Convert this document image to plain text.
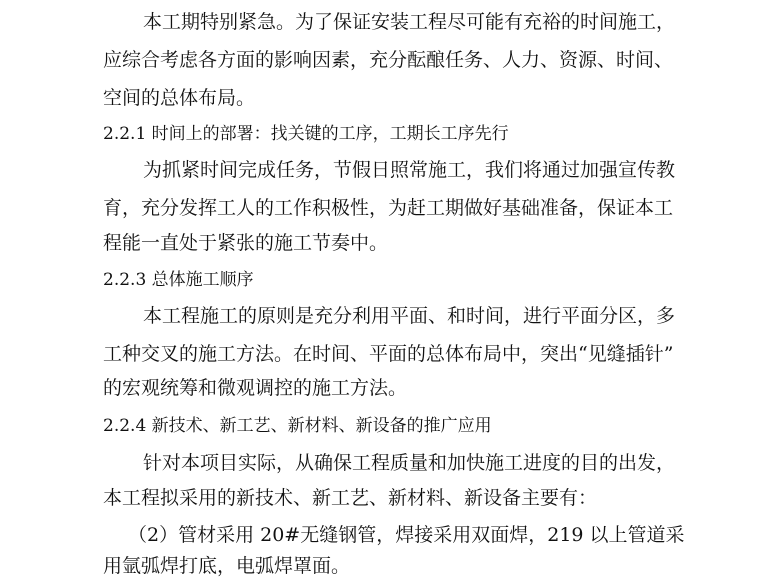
本工期特别紧急。为了保证安装工程尽可能有充裕的时间施工，
应综合考虑各方面的影响因素，充分酝酿任务、人力、资源、时间、
空间的总体布局。
2.2.1 时间上的部署：找关键的工序，工期长工序先行
为抓紧时间完成任务，节假日照常施工，我们将通过加强宣传教
育，充分发挥工人的工作积极性，为赶工期做好基础准备，保证本工
程能一直处于紧张的施工节奏中。
2.2.3 总体施工顺序
本工程施工的原则是充分利用平面、和时间，进行平面分区，多
工种交叉的施工方法。在时间、平面的总体布局中，突出“见缝插针”
的宏观统筹和微观调控的施工方法。
2.2.4 新技术、新工艺、新材料、新设备的推广应用
针对本项目实际，从确保工程质量和加快施工进度的目的出发，
本工程拟采用的新技术、新工艺、新材料、新设备主要有：
（2）管材采用 20#无缝钢管，焊接采用双面焊，219 以上管道采
用氩弧焊打底，电弧焊罩面。
